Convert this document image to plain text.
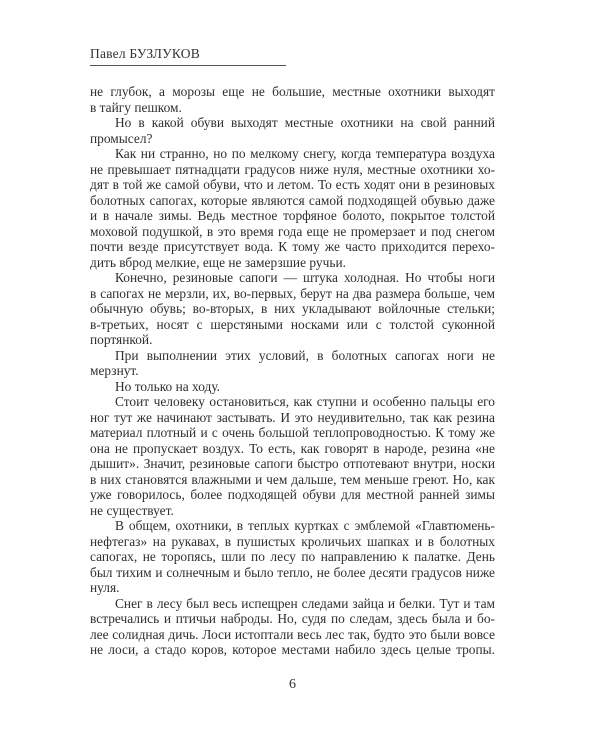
Павел БУЗЛУКОВ
не глубок, а морозы еще не большие, местные охотники выходят
в тайгу пешком.
Но в какой обуви выходят местные охотники на свой ранний
промысел?
Как ни странно, но по мелкому снегу, когда температура воздуха
не превышает пятнадцати градусов ниже нуля, местные охотники хо-
дят в той же самой обуви, что и летом. То есть ходят они в резиновых
болотных сапогах, которые являются самой подходящей обувью даже
и в начале зимы. Ведь местное торфяное болото, покрытое толстой
моховой подушкой, в это время года еще не промерзает и под снегом
почти везде присутствует вода. К тому же часто приходится перехо-
дить вброд мелкие, еще не замерзшие ручьи.
Конечно, резиновые сапоги — штука холодная. Но чтобы ноги
в сапогах не мерзли, их, во-первых, берут на два размера больше, чем
обычную обувь; во-вторых, в них укладывают войлочные стельки;
в-третьих, носят с шерстяными носками или с толстой суконной
портянкой.
При выполнении этих условий, в болотных сапогах ноги не
мерзнут.
Но только на ходу.
Стоит человеку остановиться, как ступни и особенно пальцы его
ног тут же начинают застывать. И это неудивительно, так как резина
материал плотный и с очень большой теплопроводностью. К тому же
она не пропускает воздух. То есть, как говорят в народе, резина «не
дышит». Значит, резиновые сапоги быстро отпотевают внутри, носки
в них становятся влажными и чем дальше, тем меньше греют. Но, как
уже говорилось, более подходящей обуви для местной ранней зимы
не существует.
В общем, охотники, в теплых куртках с эмблемой «Главтюмень-
нефтегаз» на рукавах, в пушистых кроличьих шапках и в болотных
сапогах, не торопясь, шли по лесу по направлению к палатке. День
был тихим и солнечным и было тепло, не более десяти градусов ниже
нуля.
Снег в лесу был весь испещрен следами зайца и белки. Тут и там
встречались и птичьи наброды. Но, судя по следам, здесь была и бо-
лее солидная дичь. Лоси истоптали весь лес так, будто это были вовсе
не лоси, а стадо коров, которое местами набило здесь целые тропы.
6
